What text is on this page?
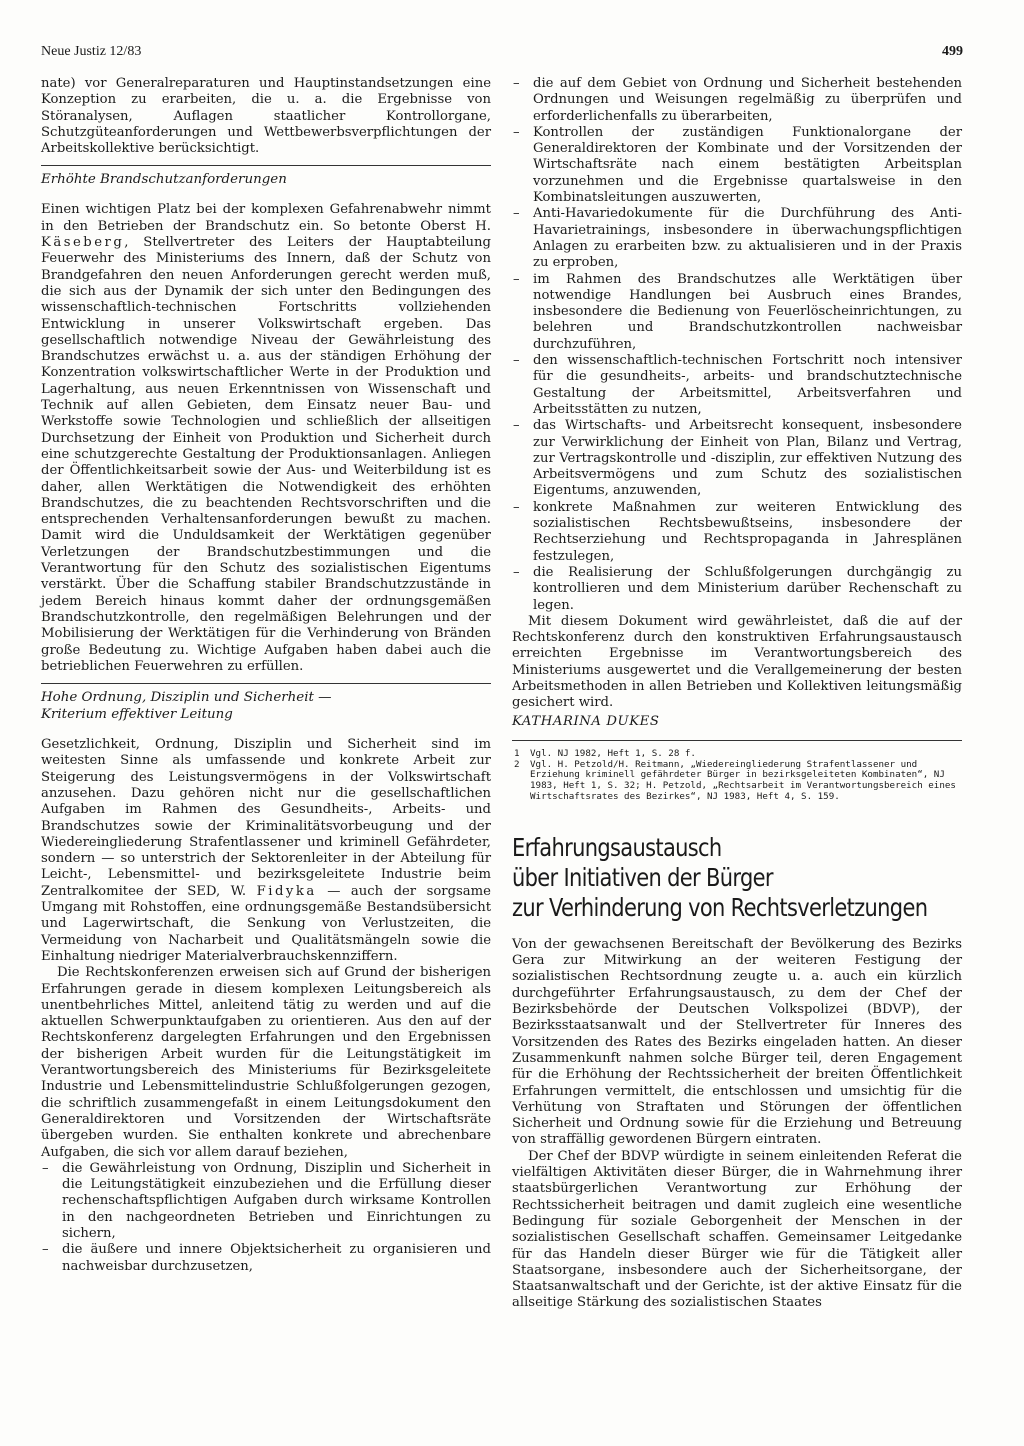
Neue Justiz 12/83	499

nate) vor Generalreparaturen und Hauptinstandsetzungen eine Konzeption zu erarbeiten, die u. a. die Ergebnisse von Störanalysen, Auflagen staatlicher Kontrollorgane, Schutzgüteanforderungen und Wettbewerbsverpflichtungen der Arbeitskollektive berücksichtigt.

Erhöhte Brandschutzanforderungen

Einen wichtigen Platz bei der komplexen Gefahrenabwehr nimmt in den Betrieben der Brandschutz ein. So betonte Oberst H. Käseberg, Stellvertreter des Leiters der Hauptabteilung Feuerwehr des Ministeriums des Innern, daß der Schutz von Brandgefahren den neuen Anforderungen gerecht werden muß, die sich aus der Dynamik der sich unter den Bedingungen des wissenschaftlich-technischen Fortschritts vollziehenden Entwicklung in unserer Volkswirtschaft ergeben. Das gesellschaftlich notwendige Niveau der Gewährleistung des Brandschutzes erwächst u. a. aus der ständigen Erhöhung der Konzentration volkswirtschaftlicher Werte in der Produktion und Lagerhaltung, aus neuen Erkenntnissen von Wissenschaft und Technik auf allen Gebieten, dem Einsatz neuer Bau- und Werkstoffe sowie Technologien und schließlich der allseitigen Durchsetzung der Einheit von Produktion und Sicherheit durch eine schutzgerechte Gestaltung der Produktionsanlagen. Anliegen der Öffentlichkeitsarbeit sowie der Aus- und Weiterbildung ist es daher, allen Werktätigen die Notwendigkeit des erhöhten Brandschutzes, die zu beachtenden Rechtsvorschriften und die entsprechenden Verhaltensanforderungen bewußt zu machen. Damit wird die Unduldsamkeit der Werktätigen gegenüber Verletzungen der Brandschutzbestimmungen und die Verantwortung für den Schutz des sozialistischen Eigentums verstärkt. Über die Schaffung stabiler Brandschutzzustände in jedem Bereich hinaus kommt daher der ordnungsgemäßen Brandschutzkontrolle, den regelmäßigen Belehrungen und der Mobilisierung der Werktätigen für die Verhinderung von Bränden große Bedeutung zu. Wichtige Aufgaben haben dabei auch die betrieblichen Feuerwehren zu erfüllen.

Hohe Ordnung, Disziplin und Sicherheit —
Kriterium effektiver Leitung

Gesetzlichkeit, Ordnung, Disziplin und Sicherheit sind im weitesten Sinne als umfassende und konkrete Arbeit zur Steigerung des Leistungsvermögens in der Volkswirtschaft anzusehen. Dazu gehören nicht nur die gesellschaftlichen Aufgaben im Rahmen des Gesundheits-, Arbeits- und Brandschutzes sowie der Kriminalitätsvorbeugung und der Wiedereingliederung Strafentlassener und kriminell Gefährdeter, sondern — so unterstrich der Sektorenleiter in der Abteilung für Leicht-, Lebensmittel- und bezirksgeleitete Industrie beim Zentralkomitee der SED, W. Fidyka — auch der sorgsame Umgang mit Rohstoffen, eine ordnungsgemäße Bestandsübersicht und Lagerwirtschaft, die Senkung von Verlustzeiten, die Vermeidung von Nacharbeit und Qualitätsmängeln sowie die Einhaltung niedriger Materialverbrauchskennziffern.

Die Rechtskonferenzen erweisen sich auf Grund der bisherigen Erfahrungen gerade in diesem komplexen Leitungsbereich als unentbehrliches Mittel, anleitend tätig zu werden und auf die aktuellen Schwerpunktaufgaben zu orientieren. Aus den auf der Rechtskonferenz dargelegten Erfahrungen und den Ergebnissen der bisherigen Arbeit wurden für die Leitungstätigkeit im Verantwortungsbereich des Ministeriums für Bezirksgeleitete Industrie und Lebensmittelindustrie Schlußfolgerungen gezogen, die schriftlich zusammengefaßt in einem Leitungsdokument den Generaldirektoren und Vorsitzenden der Wirtschaftsräte übergeben wurden. Sie enthalten konkrete und abrechenbare Aufgaben, die sich vor allem darauf beziehen,

– die Gewährleistung von Ordnung, Disziplin und Sicherheit in die Leitungstätigkeit einzubeziehen und die Erfüllung dieser rechenschaftspflichtigen Aufgaben durch wirksame Kontrollen in den nachgeordneten Betrieben und Einrichtungen zu sichern,
– die äußere und innere Objektsicherheit zu organisieren und nachweisbar durchzusetzen,
– die auf dem Gebiet von Ordnung und Sicherheit bestehenden Ordnungen und Weisungen regelmäßig zu überprüfen und erforderlichenfalls zu überarbeiten,
– Kontrollen der zuständigen Funktionalorgane der Generaldirektoren der Kombinate und der Vorsitzenden der Wirtschaftsräte nach einem bestätigten Arbeitsplan vorzunehmen und die Ergebnisse quartalsweise in den Kombinatsleitungen auszuwerten,
– Anti-Havariedokumente für die Durchführung des Anti-Havarietrainings, insbesondere in überwachungspflichtigen Anlagen zu erarbeiten bzw. zu aktualisieren und in der Praxis zu erproben,
– im Rahmen des Brandschutzes alle Werktätigen über notwendige Handlungen bei Ausbruch eines Brandes, insbesondere die Bedienung von Feuerlöscheinrichtungen, zu belehren und Brandschutzkontrollen nachweisbar durchzuführen,
– den wissenschaftlich-technischen Fortschritt noch intensiver für die gesundheits-, arbeits- und brandschutztechnische Gestaltung der Arbeitsmittel, Arbeitsverfahren und Arbeitsstätten zu nutzen,
– das Wirtschafts- und Arbeitsrecht konsequent, insbesondere zur Verwirklichung der Einheit von Plan, Bilanz und Vertrag, zur Vertragskontrolle und -disziplin, zur effektiven Nutzung des Arbeitsvermögens und zum Schutz des sozialistischen Eigentums, anzuwenden,
– konkrete Maßnahmen zur weiteren Entwicklung des sozialistischen Rechtsbewußtseins, insbesondere der Rechtserziehung und Rechtspropaganda in Jahresplänen festzulegen,
– die Realisierung der Schlußfolgerungen durchgängig zu kontrollieren und dem Ministerium darüber Rechenschaft zu legen.

Mit diesem Dokument wird gewährleistet, daß die auf der Rechtskonferenz durch den konstruktiven Erfahrungsaustausch erreichten Ergebnisse im Verantwortungsbereich des Ministeriums ausgewertet und die Verallgemeinerung der besten Arbeitsmethoden in allen Betrieben und Kollektiven leitungsmäßig gesichert wird.

KATHARINA DUKES
1 Vgl. NJ 1982, Heft 1, S. 28 f.
2 Vgl. H. Petzold/H. Reitmann, „Wiedereingliederung Strafentlassener und Erziehung kriminell gefährdeter Bürger in bezirksgeleiteten Kombinaten“, NJ 1983, Heft 1, S. 32; H. Petzold, „Rechtsarbeit im Verantwortungsbereich eines Wirtschaftsrates des Bezirkes“, NJ 1983, Heft 4, S. 159.
Erfahrungsaustausch
über Initiativen der Bürger
zur Verhinderung von Rechtsverletzungen

Von der gewachsenen Bereitschaft der Bevölkerung des Bezirks Gera zur Mitwirkung an der weiteren Festigung der sozialistischen Rechtsordnung zeugte u. a. auch ein kürzlich durchgeführter Erfahrungsaustausch, zu dem der Chef der Bezirksbehörde der Deutschen Volkspolizei (BDVP), der Bezirksstaatsanwalt und der Stellvertreter für Inneres des Vorsitzenden des Rates des Bezirks eingeladen hatten. An dieser Zusammenkunft nahmen solche Bürger teil, deren Engagement für die Erhöhung der Rechtssicherheit der breiten Öffentlichkeit Erfahrungen vermittelt, die entschlossen und umsichtig für die Verhütung von Straftaten und Störungen der öffentlichen Sicherheit und Ordnung sowie für die Erziehung und Betreuung von straffällig gewordenen Bürgern eintraten.

Der Chef der BDVP würdigte in seinem einleitenden Referat die vielfältigen Aktivitäten dieser Bürger, die in Wahrnehmung ihrer staatsbürgerlichen Verantwortung zur Erhöhung der Rechtssicherheit beitragen und damit zugleich eine wesentliche Bedingung für soziale Geborgenheit der Menschen in der sozialistischen Gesellschaft schaffen. Gemeinsamer Leitgedanke für das Handeln dieser Bürger wie für die Tätigkeit aller Staatsorgane, insbesondere auch der Sicherheitsorgane, der Staatsanwaltschaft und der Gerichte, ist der aktive Einsatz für die allseitige Stärkung des sozialistischen Staates
